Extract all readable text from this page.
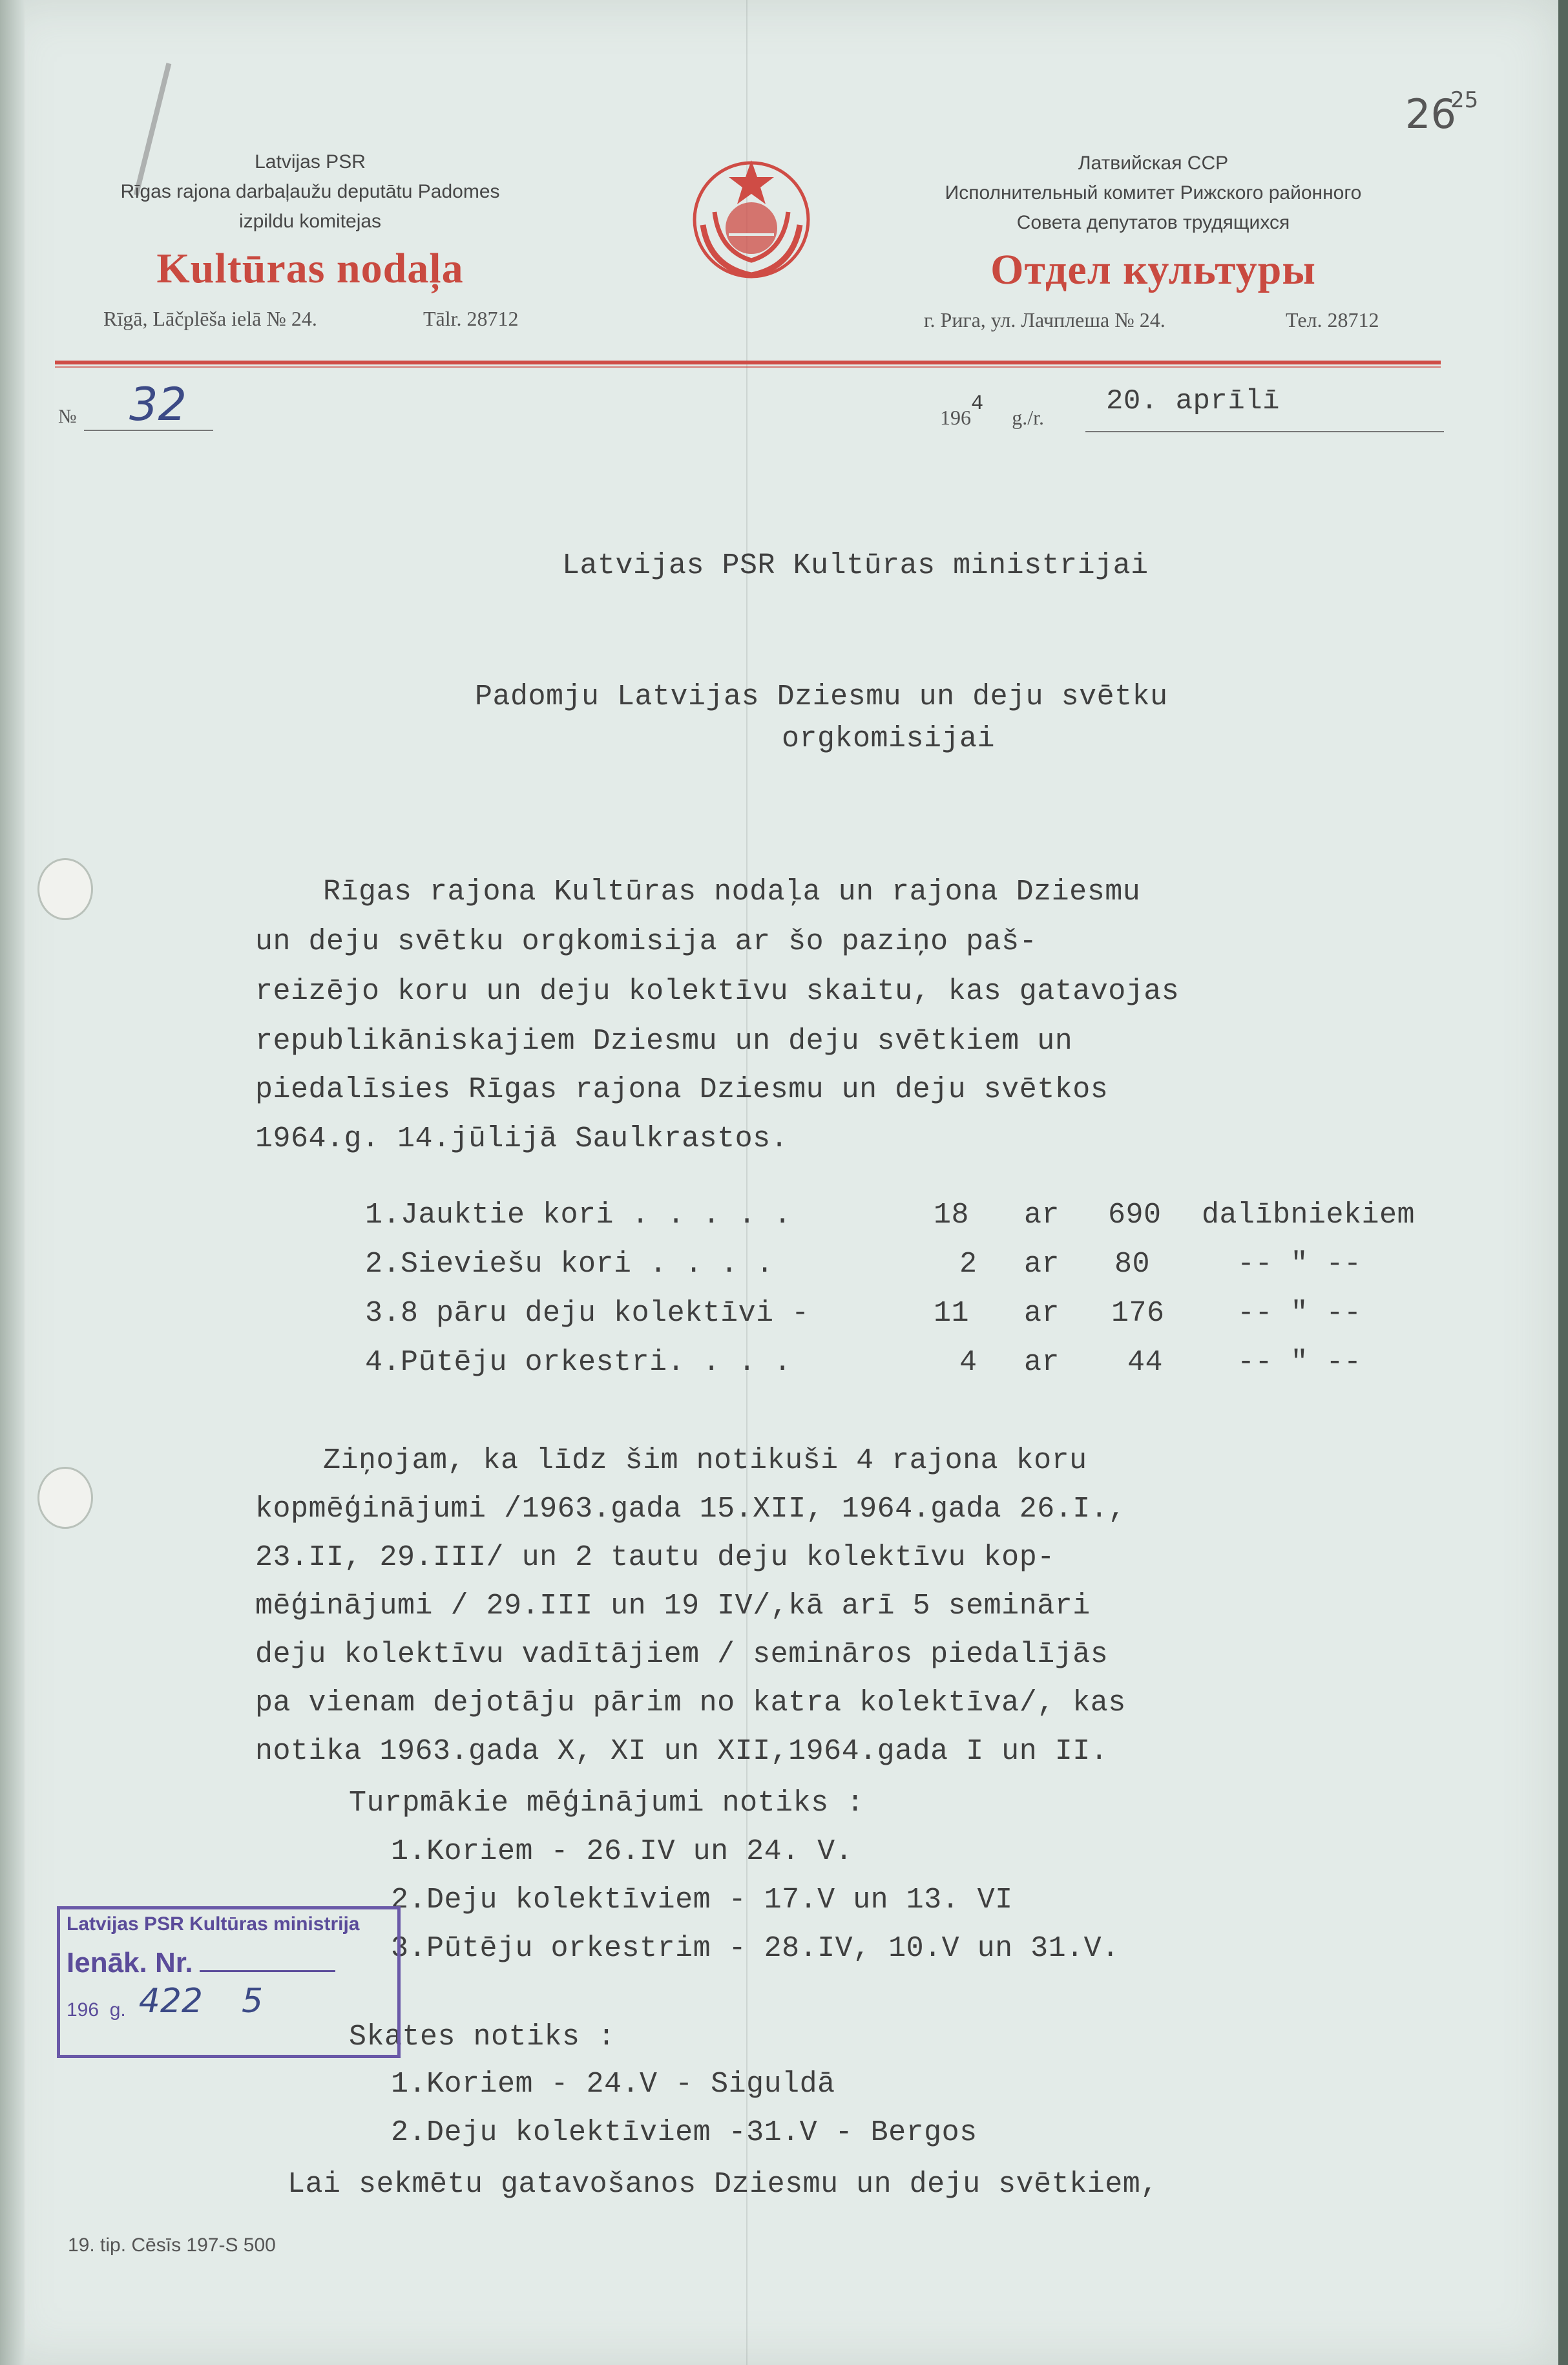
26
25
Latvijas PSR
Rīgas rajona darbaļaužu deputātu Padomes
izpildu komitejas
Kultūras nodaļa
Rīgā, Lāčplēša ielā № 24.	Tālr. 28712
Латвийская ССР
Исполнительный комитет Рижского районного
Совета депутатов трудящихся
Отдел культуры
г. Рига, ул. Лачплеша № 24.	Тел. 28712
№ 32	1964g./r. 20. aprīlī
Latvijas PSR Kultūras ministrijai
Padomju Latvijas Dziesmu un deju svētku
orgkomisijai
Rīgas rajona Kultūras nodaļa un rajona Dziesmu
un deju svētku orgkomisija ar šo paziņo paš-
reizējo koru un deju kolektīvu skaitu, kas gatavojas
republikāniskajiem Dziesmu un deju svētkiem un
piedalīsies Rīgas rajona Dziesmu un deju svētkos
1964.g. 14.jūlijā Saulkrastos.
1.Jauktie kori . . . . .	18 ar 690 dalībniekiem
2.Sieviešu kori . . . .	2 ar 80	-- " --
3.8 pāru deju kolektīvi -	11 ar 176 -- " --
4.Pūtēju orkestri. . . .	4 ar 44	-- " --
Ziņojam, ka līdz šim notikuši 4 rajona koru
kopmēģinājumi /1963.gada 15.XII, 1964.gada 26.I.,
23.II, 29.III/ un 2 tautu deju kolektīvu kop-
mēģinājumi / 29.III un 19 IV/,kā arī 5 semināri
deju kolektīvu vadītājiem / semināros piedalījās
pa vienam dejotāju pārim no katra kolektīva/, kas
notika 1963.gada X, XI un XII,1964.gada I un II.
Turpmākie mēģinājumi notiks :
1.Koriem - 26.IV un 24. V.
2.Deju kolektīviem - 17.V un 13. VI
3.Pūtēju orkestrim - 28.IV, 10.V un 31.V.
Skates notiks :
1.Koriem - 24.V - Siguldā
2.Deju kolektīviem -31.V - Bergos
Lai sekmētu gatavošanos Dziesmu un deju svētkiem,
Latvijas PSR Kultūras ministrija
Ienāk. Nr.
196  g. 422 5
19. tip. Cēsīs 197-S 500
